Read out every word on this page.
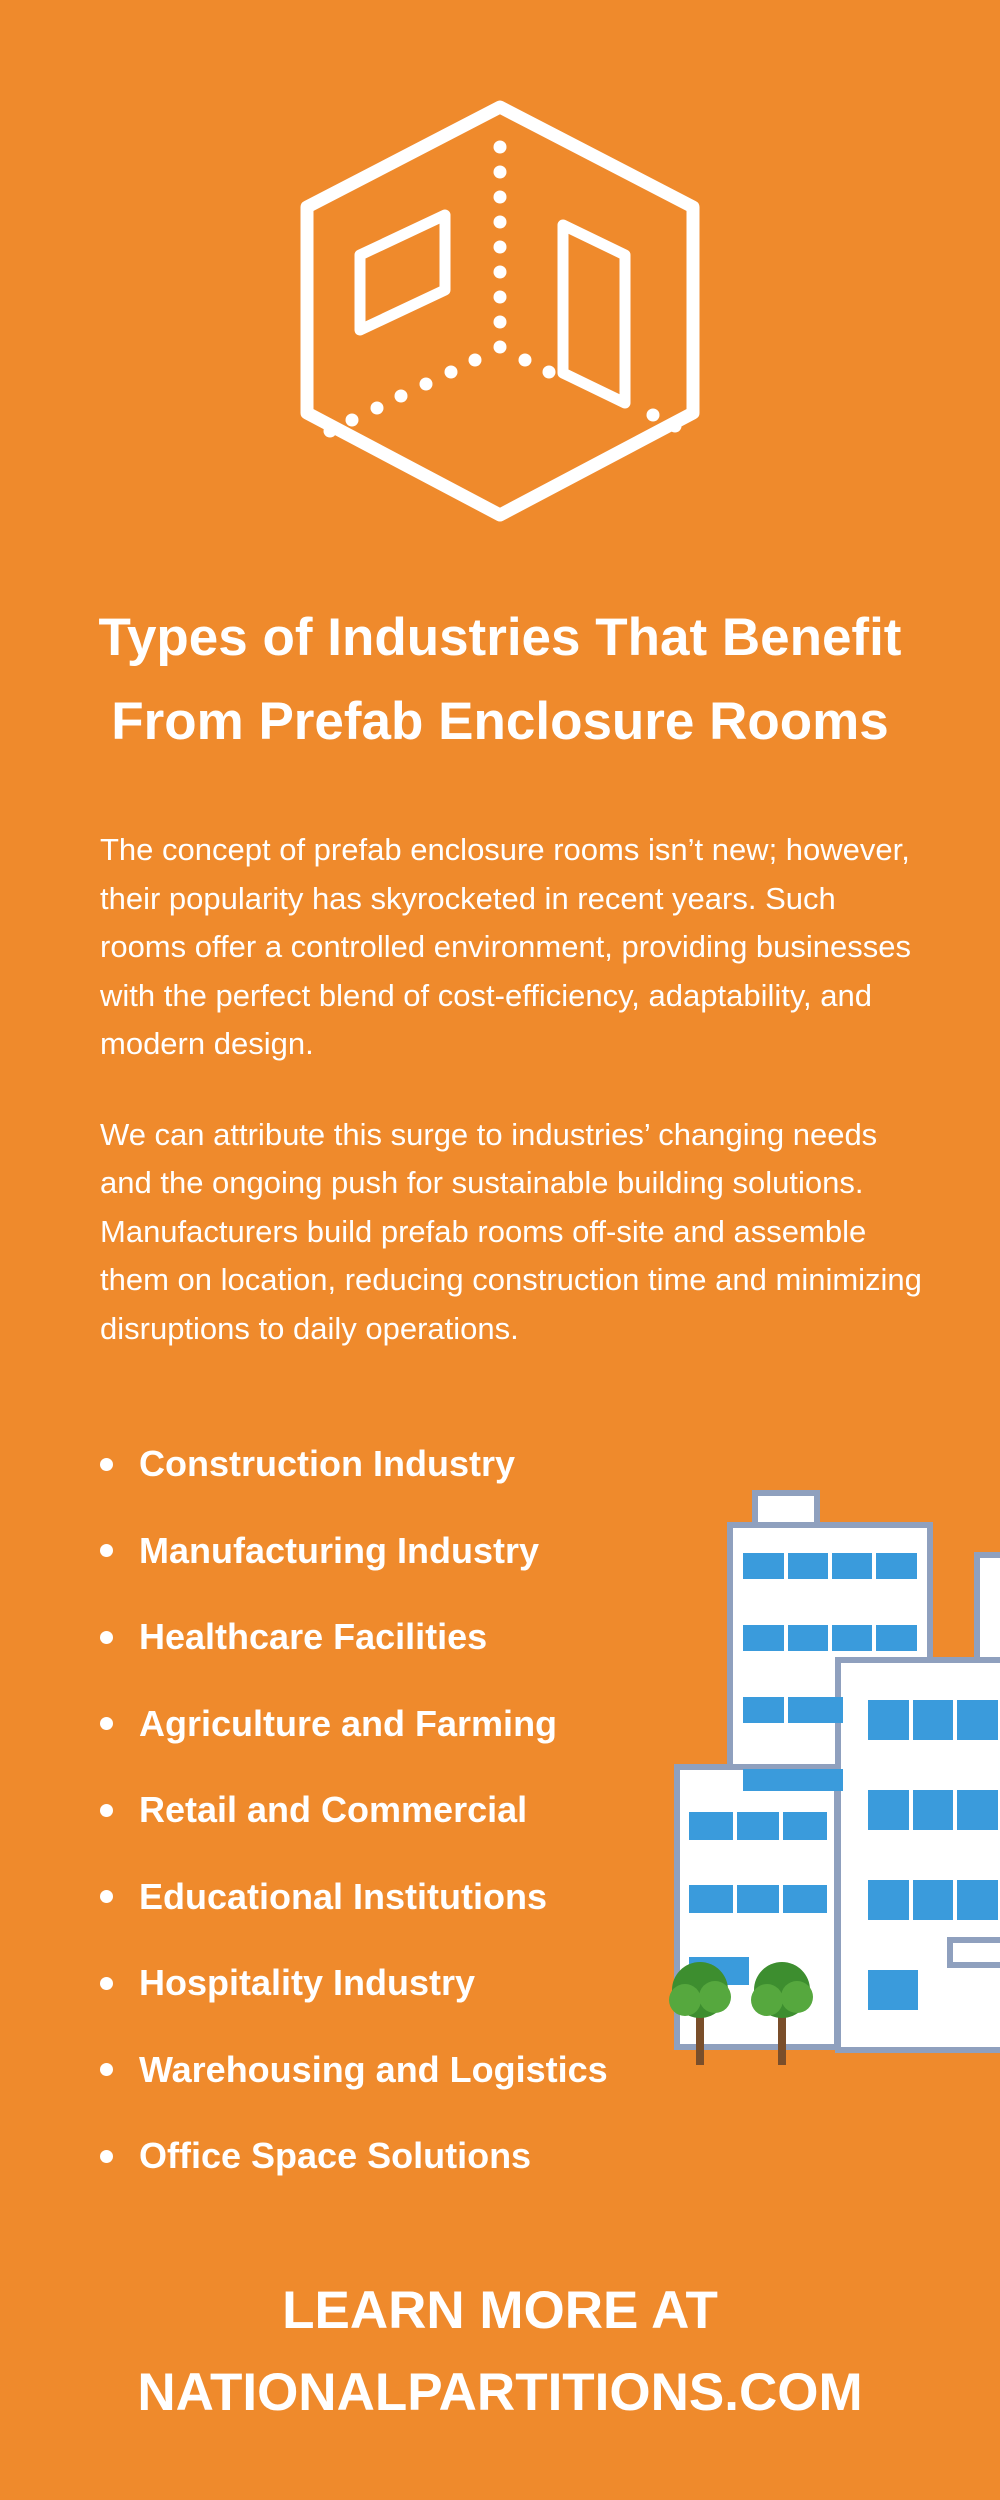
Types of Industries That Benefit
From Prefab Enclosure Rooms

The concept of prefab enclosure rooms isn’t new; however, their popularity has skyrocketed in recent years. Such rooms offer a controlled environment, providing businesses with the perfect blend of cost-efficiency, adaptability, and modern design.

We can attribute this surge to industries’ changing needs and the ongoing push for sustainable building solutions. Manufacturers build prefab rooms off-site and assemble them on location, reducing construction time and minimizing disruptions to daily operations.

Construction Industry
Manufacturing Industry
Healthcare Facilities
Agriculture and Farming
Retail and Commercial
Educational Institutions
Hospitality Industry
Warehousing and Logistics
Office Space Solutions
LEARN MORE AT
NATIONALPARTITIONS.COM
